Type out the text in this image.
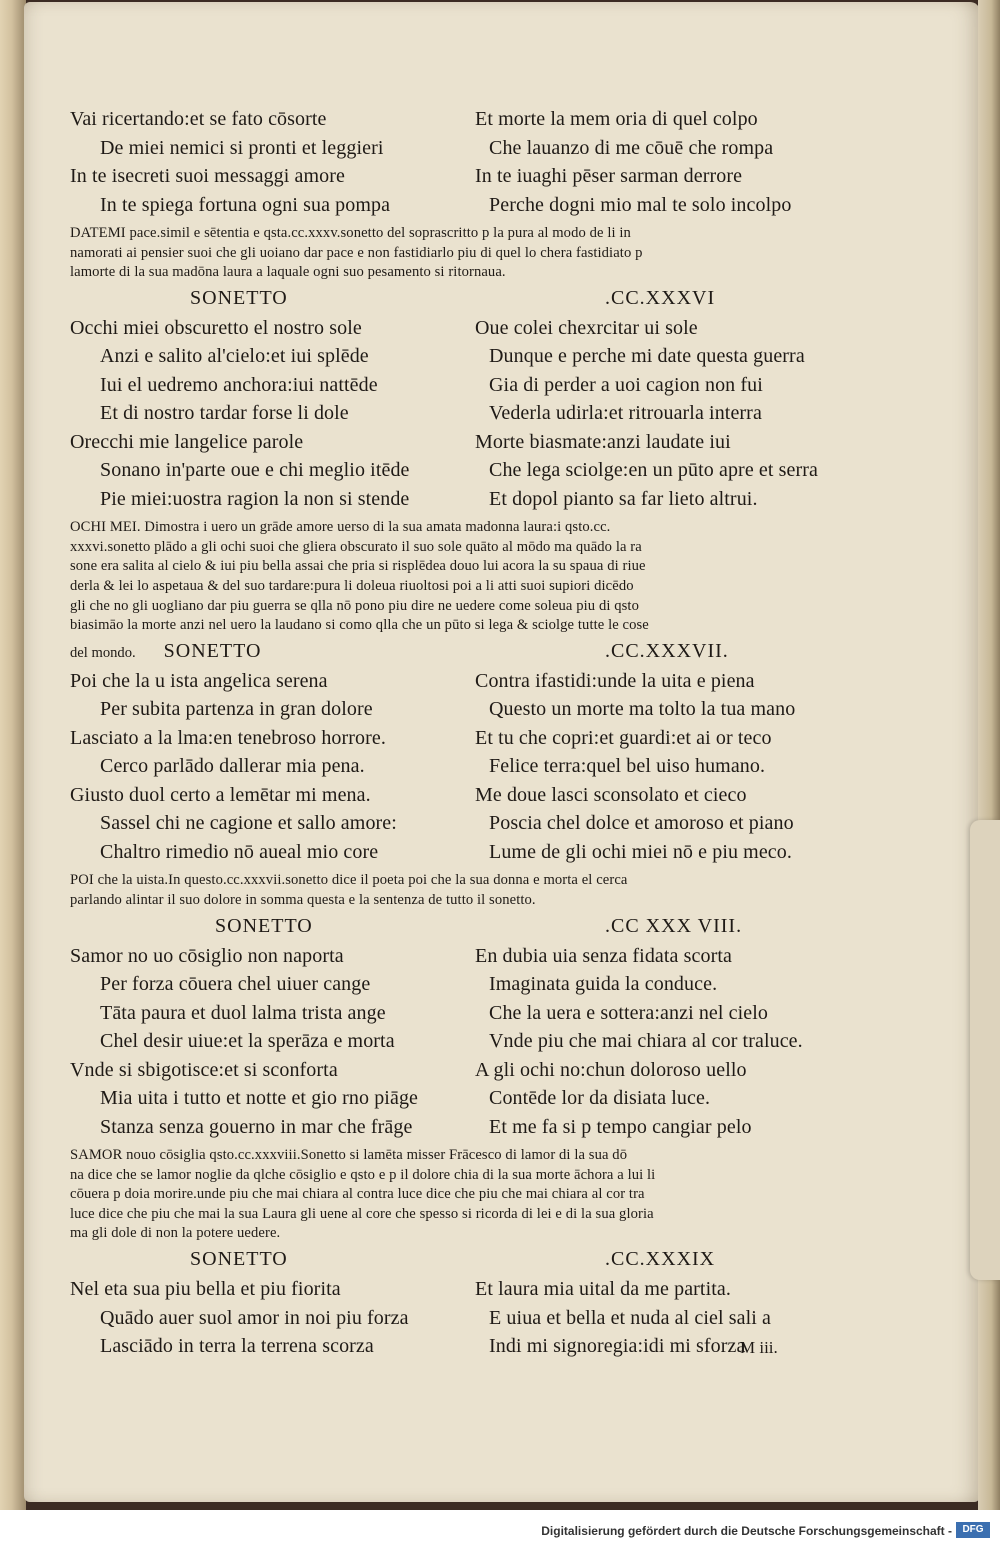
Vai ricertando:et se fato cōsorte	Et morte la mem oria di quel colpo
De miei nemici si pronti et leggieri	Che lauanzo di me cōuē che rompa
In te isecreti suoi messaggi amore	In te iuaghi pēser sarman derrore
In te spiega fortuna ogni sua pompa	Perche dogni mio mal te solo incolpo

DATEMI pace.simil e sētentia e qsta.cc.xxxv.sonetto del soprascritto p la pura al modo de li in

namorati ai pensier suoi che gli uoiano dar pace e non fastidiarlo piu di quel lo chera fastidiato p

lamorte di la sua madōna laura a laquale ogni suo pesamento si ritornaua.

SONETTO	.CC.XXXVI
Occhi miei obscuretto el nostro sole	Oue colei chexrcitar ui sole
Anzi e salito al'cielo:et iui splēde	Dunque e perche mi date questa guerra
Iui el uedremo anchora:iui nattēde	Gia di perder a uoi cagion non fui
Et di nostro tardar forse li dole	Vederla udirla:et ritrouarla interra
Orecchi mie langelice parole	Morte biasmate:anzi laudate iui
Sonano in'parte oue e chi meglio itēde	Che lega sciolge:en un pūto apre et serra
Pie miei:uostra ragion la non si stende	Et dopol pianto sa far lieto altrui.

OCHI MEI. Dimostra i uero un grāde amore uerso di la sua amata madonna laura:i qsto.cc.

xxxvi.sonetto plādo a gli ochi suoi che gliera obscurato il suo sole quāto al mōdo ma quādo la ra

sone era salita al cielo & iui piu bella assai che pria si risplēdea douo lui acora la su spaua di riue

derla & lei lo aspetaua & del suo tardare:pura li doleua riuoltosi poi a li atti suoi supiori dicēdo

gli che no gli uogliano dar piu guerra se qlla nō pono piu dire ne uedere come soleua piu di qsto

biasimāo la morte anzi nel uero la laudano si como qlla che un pūto si lega & sciolge tutte le cose

del mondo. SONETTO	.CC.XXXVII.
Poi che la u ista angelica serena	Contra ifastidi:unde la uita e piena
Per subita partenza in gran dolore	Questo un morte ma tolto la tua mano
Lasciato a la lma:en tenebroso horrore.	Et tu che copri:et guardi:et ai or teco
Cerco parlādo dallerar mia pena.	Felice terra:quel bel uiso humano.
Giusto duol certo a lemētar mi mena.	Me doue lasci sconsolato et cieco
Sassel chi ne cagione et sallo amore:	Poscia chel dolce et amoroso et piano
Chaltro rimedio nō aueal mio core	Lume de gli ochi miei nō e piu meco.

POI che la uista.In questo.cc.xxxvii.sonetto dice il poeta poi che la sua donna e morta el cerca

parlando alintar il suo dolore in somma questa e la sentenza de tutto il sonetto.

SONETTO	.CC XXX VIII.
Samor no uo cōsiglio non naporta	En dubia uia senza fidata scorta
Per forza cōuera chel uiuer cange	Imaginata guida la conduce.
Tāta paura et duol lalma trista ange	Che la uera e sottera:anzi nel cielo
Chel desir uiue:et la sperāza e morta	Vnde piu che mai chiara al cor traluce.
Vnde si sbigotisce:et si sconforta	A gli ochi no:chun doloroso uello
Mia uita i tutto et notte et gio rno piāge	Contēde lor da disiata luce.
Stanza senza gouerno in mar che frāge	Et me fa si p tempo cangiar pelo

SAMOR nouo cōsiglia qsto.cc.xxxviii.Sonetto si lamēta misser Frācesco di lamor di la sua dō

na dice che se lamor noglie da qlche cōsiglio e qsto e p il dolore chia di la sua morte āchora a lui li

cōuera p doia morire.unde piu che mai chiara al contra luce dice che piu che mai chiara al cor tra

luce dice che piu che mai la sua Laura gli uene al core che spesso si ricorda di lei e di la sua gloria

ma gli dole di non la potere uedere.

SONETTO	.CC.XXXIX
Nel eta sua piu bella et piu fiorita	Et laura mia uital da me partita.
Quādo auer suol amor in noi piu forza	E uiua et bella et nuda al ciel sali a
Lasciādo in terra la terrena scorza	Indi mi signoregia:idi mi sforza
M iii.
Digitalisierung gefördert durch die Deutsche Forschungsgemeinschaft -	DFG
